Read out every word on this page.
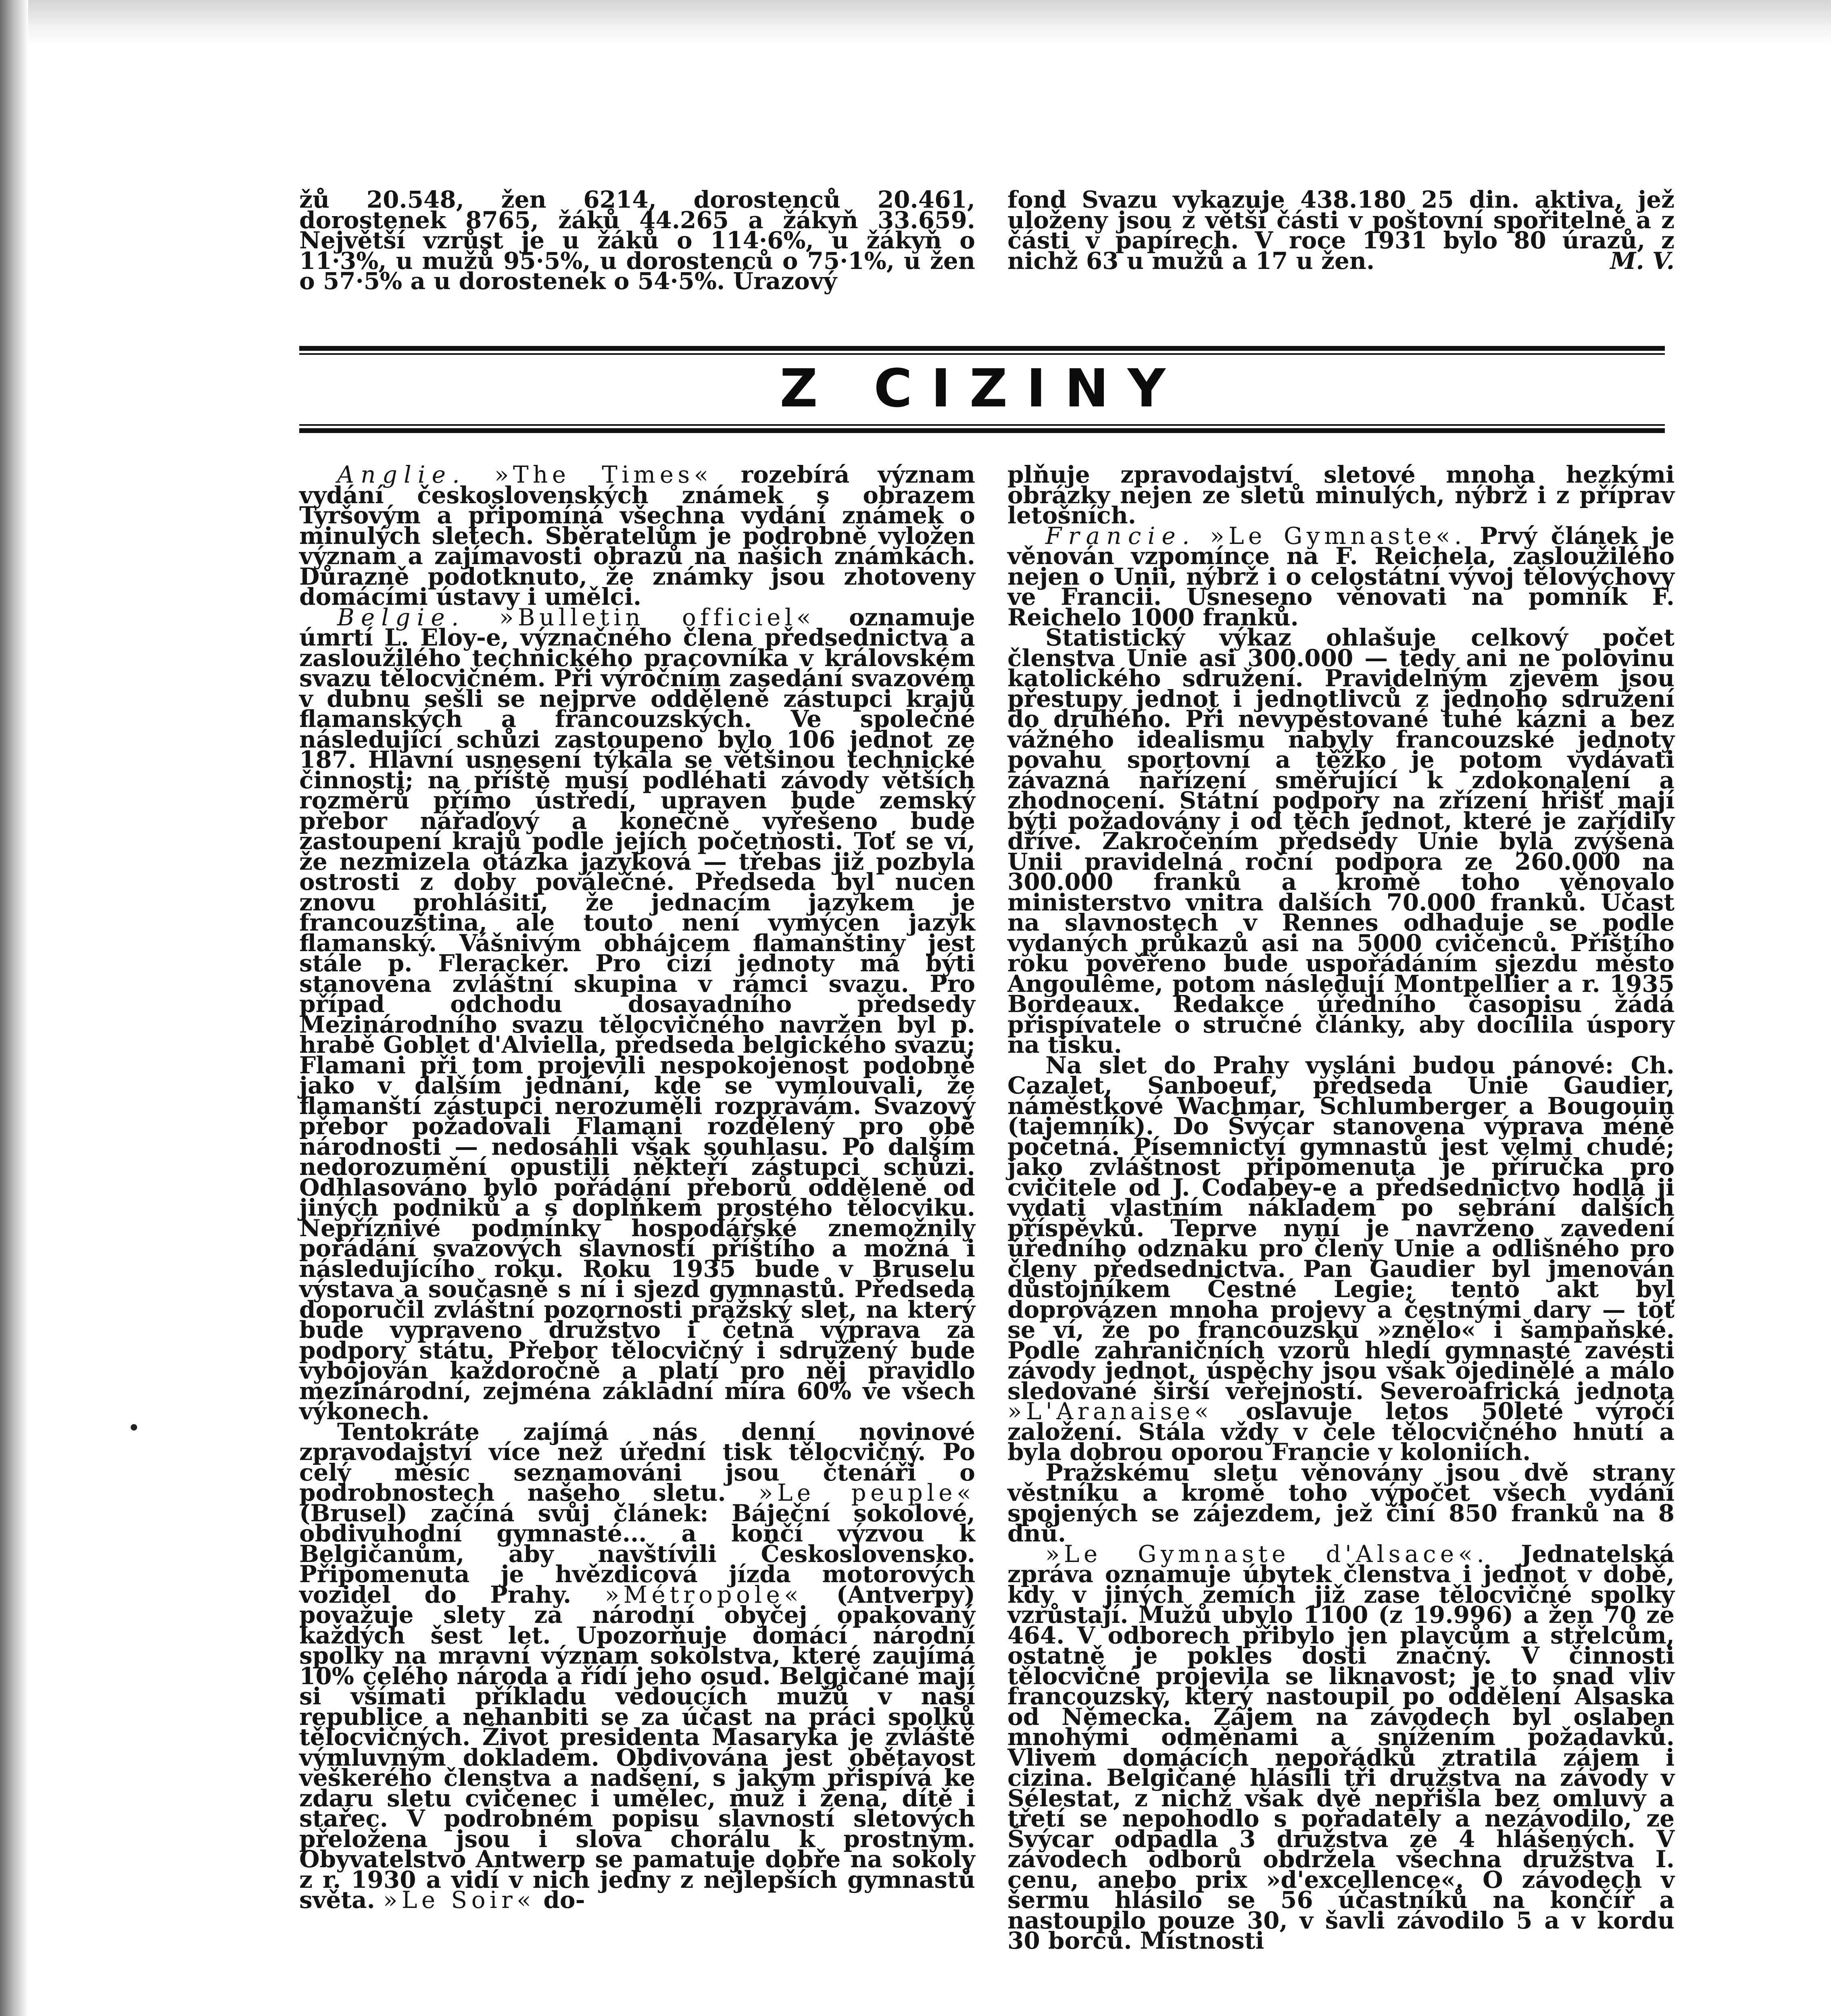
žů 20.548, žen 6214, dorostenců 20.461, dorostenek 8765, žáků 44.265 a žákyň 33.659. Největší vzrůst je u žáků o 114·6%, u žákyň o 11·3%, u mužů 95·5%, u dorostenců o 75·1%, u žen o 57·5% a u dorostenek o 54·5%. Úrazový

fond Svazu vykazuje 438.180 25 din. aktiva, jež uloženy jsou z větší části v poštovní spořitelně a z části v papírech. V roce 1931 bylo 80 úrazů, z nichž 63 u mužů a 17 u žen.	M. V.

Z CIZINY

Anglie. »The Times« rozebírá význam vydání československých známek s obrazem Tyršovým a připomíná všechna vydání známek o minulých sletech. Sběratelům je podrobně vyložen význam a zajímavosti obrazů na našich známkách. Důrazně podotknuto, že známky jsou zhotoveny domácími ústavy i umělci.

Belgie. »Bulletin officiel« oznamuje úmrtí L. Eloy-e, význačného člena předsednictva a zasloužilého technického pracovníka v královském svazu tělocvičném. Při výročním zasedání svazovém v dubnu sešli se nejprve odděleně zástupci krajů flamanských a francouzských. Ve společné následující schůzi zastoupeno bylo 106 jednot ze 187. Hlavní usnesení týkala se většinou technické činnosti; na příště musí podléhati závody větších rozměrů přímo ústředí, upraven bude zemský přebor nářaďový a konečně vyřešeno bude zastoupení krajů podle jejích početnosti. Toť se ví, že nezmizela otázka jazyková — třebas již pozbyla ostrosti z doby poválečné. Předseda byl nucen znovu prohlásiti, že jednacím jazykem je francouzština, ale touto není vymýcen jazyk flamanský. Vášnivým obhájcem flamanštiny jest stále p. Fleracker. Pro cizí jednoty má býti stanovena zvláštní skupina v rámci svazu. Pro případ odchodu dosavadního předsedy Mezinárodního svazu tělocvičného navržen byl p. hrabě Goblet d'Alviella, předseda belgického svazu; Flamani při tom projevili nespokojenost podobně jako v dalším jednání, kde se vymlouvali, že flamanští zástupci nerozuměli rozpravám. Svazový přebor požadovali Flamani rozdělený pro obě národnosti — nedosáhli však souhlasu. Po dalším nedorozumění opustili někteří zástupci schůzi. Odhlasováno bylo pořádání přeborů odděleně od jiných podniků a s doplňkem prostého tělocviku. Nepříznivé podmínky hospodářské znemožnily pořádání svazových slavností příštího a možná i následujícího roku. Roku 1935 bude v Bruselu výstava a současně s ní i sjezd gymnastů. Předseda doporučil zvláštní pozornosti pražský slet, na který bude vypraveno družstvo i četná výprava za podpory státu. Přebor tělocvičný i sdružený bude vybojován každoročně a platí pro něj pravidlo mezinárodní, zejména základní míra 60% ve všech výkonech.

Tentokráte zajímá nás denní novinové zpravodajství více než úřední tisk tělocvičný. Po celý měsíc seznamováni jsou čtenáři o podrobnostech našeho sletu. »Le peuple« (Brusel) začíná svůj článek: Báječní sokolové, obdivuhodní gymnasté... a končí výzvou k Belgičanům, aby navštívili Československo. Připomenuta je hvězdicová jízda motorových vozidel do Prahy. »Métropole« (Antverpy) považuje slety za národní obyčej opakovaný každých šest let. Upozorňuje domácí národní spolky na mravní význam sokolstva, které zaujímá 10% celého národa a řídí jeho osud. Belgičané mají si všímati příkladu vedoucích mužů v naší republice a nehanbiti se za účast na práci spolků tělocvičných. Život presidenta Masaryka je zvláště výmluvným dokladem. Obdivována jest obětavost veškerého členstva a nadšení, s jakým přispívá ke zdaru sletu cvičenec i umělec, muž i žena, dítě i stařec. V podrobném popisu slavností sletových přeložena jsou i slova chorálu k prostným. Obyvatelstvo Antwerp se pamatuje dobře na sokoly z r. 1930 a vidí v nich jedny z nejlepších gymnastů světa. »Le Soir« do-

plňuje zpravodajství sletové mnoha hezkými obrázky nejen ze sletů minulých, nýbrž i z příprav letošních.

Francie. »Le Gymnaste«. Prvý článek je věnován vzpomínce na F. Reichela, zasloužilého nejen o Unii, nýbrž i o celostátní vývoj tělovýchovy ve Francii. Usneseno věnovati na pomník F. Reichelo 1000 franků.

Statistický výkaz ohlašuje celkový počet členstva Unie asi 300.000 — tedy ani ne polovinu katolického sdružení. Pravidelným zjevem jsou přestupy jednot i jednotlivců z jednoho sdružení do druhého. Při nevypěstované tuhé kázni a bez vážného idealismu nabyly francouzské jednoty povahu sportovní a těžko je potom vydávati závazná nařízení směřující k zdokonalení a zhodnocení. Státní podpory na zřízení hřišť mají býti požadovány i od těch jednot, které je zařídily dříve. Zakročením předsedy Unie byla zvýšena Unii pravidelná roční podpora ze 260.000 na 300.000 franků a kromě toho věnovalo ministerstvo vnitra dalších 70.000 franků. Účast na slavnostech v Rennes odhaduje se podle vydaných průkazů asi na 5000 cvičenců. Příštího roku pověřeno bude uspořádáním sjezdu město Angoulême, potom následují Montpellier a r. 1935 Bordeaux. Redakce úředního časopisu žádá přispívatele o stručné články, aby docílila úspory na tisku.

Na slet do Prahy vysláni budou pánové: Ch. Cazalet, Sanboeuf, předseda Unie Gaudier, náměstkové Wachmar, Schlumberger a Bougouin (tajemník). Do Švýcar stanovena výprava méně početná. Písemnictví gymnastů jest velmi chudé; jako zvláštnost připomenuta je příručka pro cvičitele od J. Codabey-e a předsednictvo hodlá ji vydati vlastním nákladem po sebrání dalších příspěvků. Teprve nyní je navrženo zavedení úředního odznaku pro členy Unie a odlišného pro členy předsednictva. Pan Gaudier byl jmenován důstojníkem Čestné Legie; tento akt byl doprovázen mnoha projevy a čestnými dary — toť se ví, že po francouzsku »znělo« i šampaňské. Podle zahraničních vzorů hledí gymnasté zavésti závody jednot, úspěchy jsou však ojedinělé a málo sledované širší veřejností. Severoafrická jednota »L'Aranaise« oslavuje letos 50leté výročí založení. Stála vždy v čele tělocvičného hnutí a byla dobrou oporou Francie v koloniích.

Pražskému sletu věnovány jsou dvě strany věstníku a kromě toho výpočet všech vydání spojených se zájezdem, jež činí 850 franků na 8 dnů.

»Le Gymnaste d'Alsace«. Jednatelská zpráva oznamuje úbytek členstva i jednot v době, kdy v jiných zemích již zase tělocvičné spolky vzrůstají. Mužů ubylo 1100 (z 19.996) a žen 70 ze 464. V odborech přibylo jen plavcům a střelcům, ostatně je pokles dosti značný. V činnosti tělocvičné projevila se liknavost; je to snad vliv francouzský, který nastoupil po oddělení Alsaska od Německa. Zájem na závodech byl oslaben mnohými odměnami a snížením požadavků. Vlivem domácích nepořádků ztratila zájem i cizina. Belgičané hlásili tři družstva na závody v Sélestat, z nichž však dvě nepřišla bez omluvy a třetí se nepohodlo s pořadately a nezávodilo, ze Švýcar odpadla 3 družstva ze 4 hlášených. V závodech odborů obdržela všechna družstva I. cenu, anebo prix »d'excellence«. O závodech v šermu hlásilo se 56 účastníků na končíř a nastoupilo pouze 30, v šavli závodilo 5 a v kordu 30 borců. Místnosti
